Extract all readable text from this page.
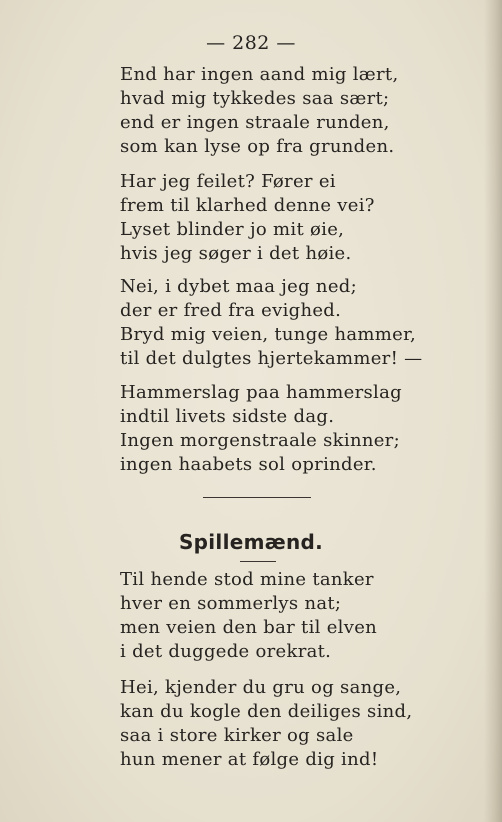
— 282 —
End har ingen aand mig lært,
hvad mig tykkedes saa sært;
end er ingen straale runden,
som kan lyse op fra grunden.
Har jeg feilet? Fører ei
frem til klarhed denne vei?
Lyset blinder jo mit øie,
hvis jeg søger i det høie.
Nei, i dybet maa jeg ned;
der er fred fra evighed.
Bryd mig veien, tunge hammer,
til det dulgtes hjertekammer! —
Hammerslag paa hammerslag
indtil livets sidste dag.
Ingen morgenstraale skinner;
ingen haabets sol oprinder.
Spillemænd.
Til hende stod mine tanker
hver en sommerlys nat;
men veien den bar til elven
i det duggede orekrat.
Hei, kjender du gru og sange,
kan du kogle den deiliges sind,
saa i store kirker og sale
hun mener at følge dig ind!
